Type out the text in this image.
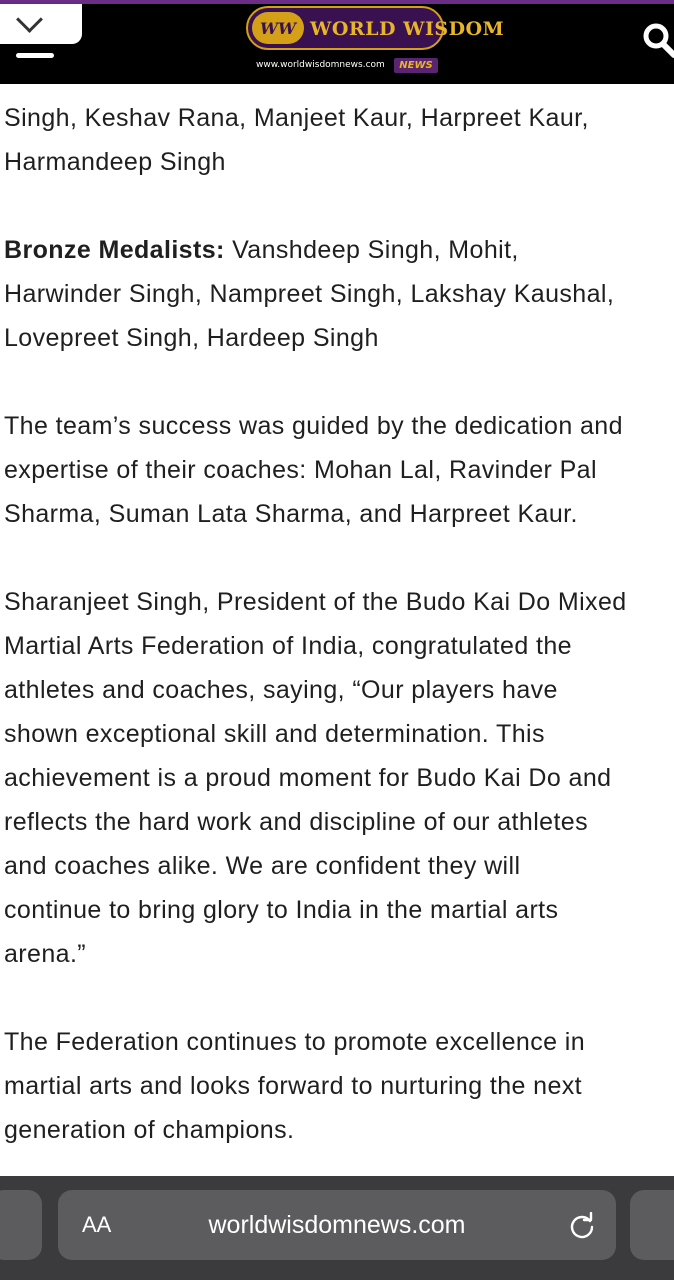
WW WORLD WISDOM
www.worldwisdomnews.com	NEWS

Singh, Keshav Rana, Manjeet Kaur, Harpreet Kaur,
Harmandeep Singh

Bronze Medalists: Vanshdeep Singh, Mohit,
Harwinder Singh, Nampreet Singh, Lakshay Kaushal,
Lovepreet Singh, Hardeep Singh

The team’s success was guided by the dedication and
expertise of their coaches: Mohan Lal, Ravinder Pal
Sharma, Suman Lata Sharma, and Harpreet Kaur.

Sharanjeet Singh, President of the Budo Kai Do Mixed
Martial Arts Federation of India, congratulated the
athletes and coaches, saying, “Our players have
shown exceptional skill and determination. This
achievement is a proud moment for Budo Kai Do and
reflects the hard work and discipline of our athletes
and coaches alike. We are confident they will
continue to bring glory to India in the martial arts
arena.”

The Federation continues to promote excellence in
martial arts and looks forward to nurturing the next
generation of champions.

worldwisdomnews.com
AA
